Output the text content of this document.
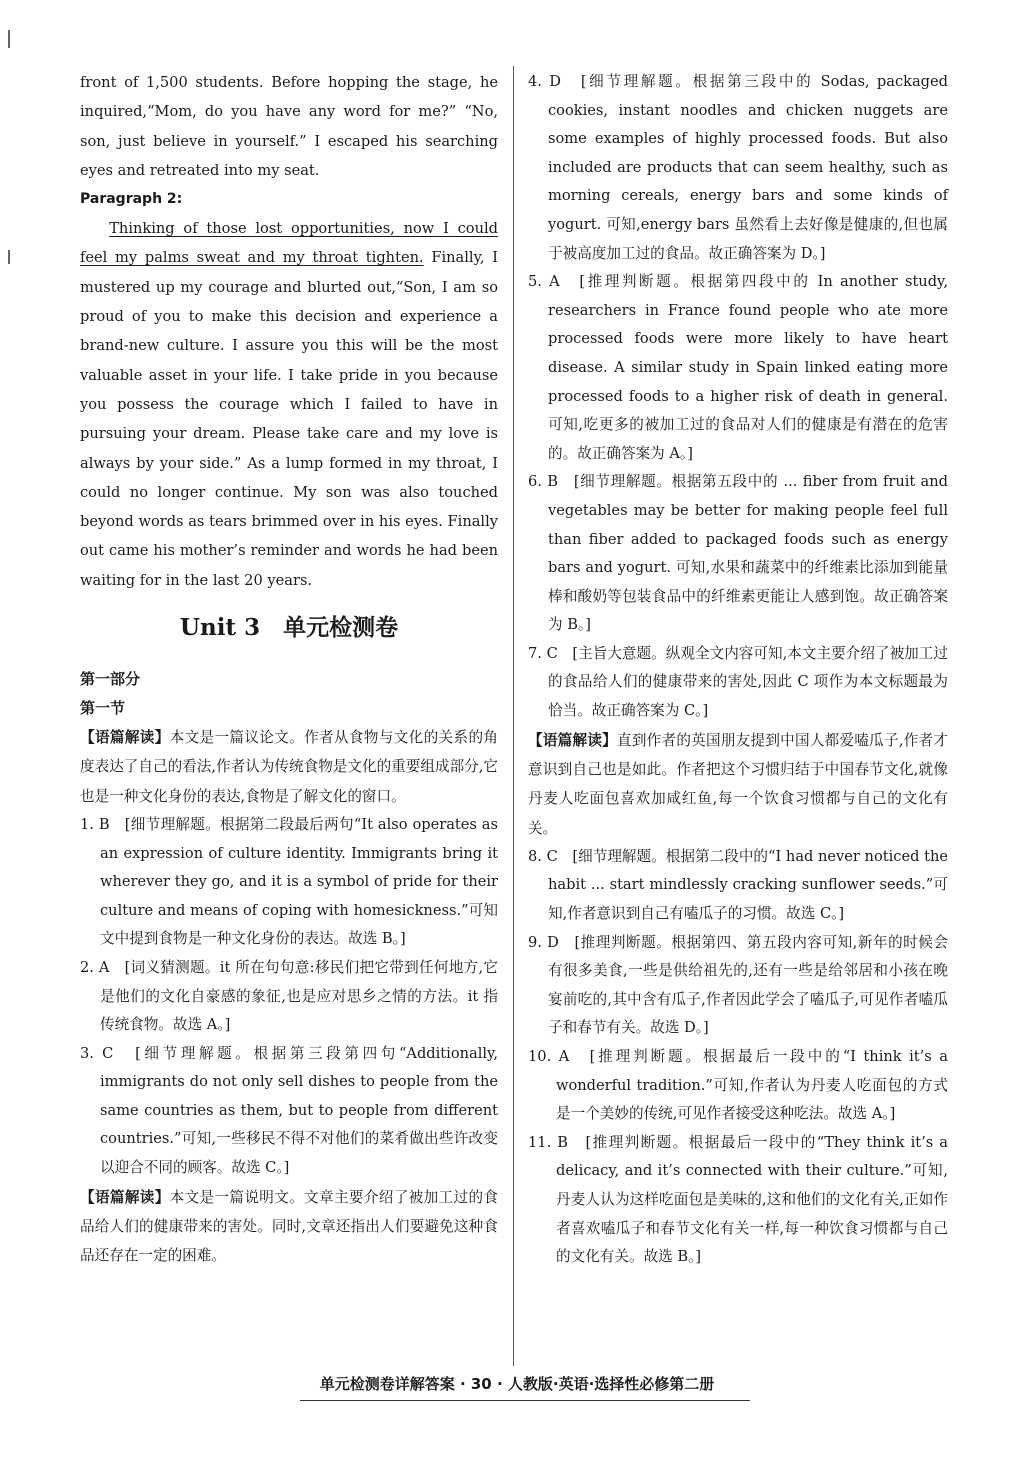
front of 1,500 students. Before hopping the stage, he inquired,“Mom, do you have any word for me?” “No, son, just believe in yourself.” I escaped his searching eyes and retreated into my seat.

Paragraph 2:

Thinking of those lost opportunities, now I could feel my palms sweat and my throat tighten. Finally, I mustered up my courage and blurted out,“Son, I am so proud of you to make this decision and experience a brand-new culture. I assure you this will be the most valuable asset in your life. I take pride in you because you possess the courage which I failed to have in pursuing your dream. Please take care and my love is always by your side.” As a lump formed in my throat, I could no longer continue. My son was also touched beyond words as tears brimmed over in his eyes. Finally out came his mother’s reminder and words he had been waiting for in the last 20 years.

Unit 3　单元检测卷

第一部分

第一节

【语篇解读】本文是一篇议论文。作者从食物与文化的关系的角度表达了自己的看法,作者认为传统食物是文化的重要组成部分,它也是一种文化身份的表达,食物是了解文化的窗口。

1. B　 [细节理解题。根据第二段最后两句“It also operates as an expression of culture identity. Immigrants bring it wherever they go, and it is a symbol of pride for their culture and means of coping with homesickness.”可知文中提到食物是一种文化身份的表达。故选 B。]

2. A　 [词义猜测题。it 所在句句意:移民们把它带到任何地方,它是他们的文化自豪感的象征,也是应对思乡之情的方法。it 指传统食物。故选 A。]

3. C　 [细节理解题。根据第三段第四句“Additionally, immigrants do not only sell dishes to people from the same countries as them, but to people from different countries.”可知,一些移民不得不对他们的菜肴做出些许改变以迎合不同的顾客。故选 C。]

【语篇解读】本文是一篇说明文。文章主要介绍了被加工过的食品给人们的健康带来的害处。同时,文章还指出人们要避免这种食品还存在一定的困难。

4. D　 [细节理解题。根据第三段中的 Sodas, packaged cookies, instant noodles and chicken nuggets are some examples of highly processed foods. But also included are products that can seem healthy, such as morning cereals, energy bars and some kinds of yogurt. 可知,energy bars 虽然看上去好像是健康的,但也属于被高度加工过的食品。故正确答案为 D。]

5. A　 [推理判断题。根据第四段中的 In another study, researchers in France found people who ate more processed foods were more likely to have heart disease. A similar study in Spain linked eating more processed foods to a higher risk of death in general. 可知,吃更多的被加工过的食品对人们的健康是有潜在的危害的。故正确答案为 A。]

6. B　 [细节理解题。根据第五段中的 ... fiber from fruit and vegetables may be better for making people feel full than fiber added to packaged foods such as energy bars and yogurt. 可知,水果和蔬菜中的纤维素比添加到能量棒和酸奶等包装食品中的纤维素更能让人感到饱。故正确答案为 B。]

7. C　 [主旨大意题。纵观全文内容可知,本文主要介绍了被加工过的食品给人们的健康带来的害处,因此 C 项作为本文标题最为恰当。故正确答案为 C。]

【语篇解读】直到作者的英国朋友提到中国人都爱嗑瓜子,作者才意识到自己也是如此。作者把这个习惯归结于中国春节文化,就像丹麦人吃面包喜欢加咸红鱼,每一个饮食习惯都与自己的文化有关。

8. C　 [细节理解题。根据第二段中的“I had never noticed the habit ... start mindlessly cracking sunflower seeds.”可知,作者意识到自己有嗑瓜子的习惯。故选 C。]

9. D　 [推理判断题。根据第四、第五段内容可知,新年的时候会有很多美食,一些是供给祖先的,还有一些是给邻居和小孩在晚宴前吃的,其中含有瓜子,作者因此学会了嗑瓜子,可见作者嗑瓜子和春节有关。故选 D。]

10. A　 [推理判断题。根据最后一段中的“I think it’s a wonderful tradition.”可知,作者认为丹麦人吃面包的方式是一个美妙的传统,可见作者接受这种吃法。故选 A。]

11. B　 [推理判断题。根据最后一段中的“They think it’s a delicacy, and it’s connected with their culture.”可知,丹麦人认为这样吃面包是美味的,这和他们的文化有关,正如作者喜欢嗑瓜子和春节文化有关一样,每一种饮食习惯都与自己的文化有关。故选 B。]

单元检测卷详解答案 · 30 · 人教版·英语·选择性必修第二册
